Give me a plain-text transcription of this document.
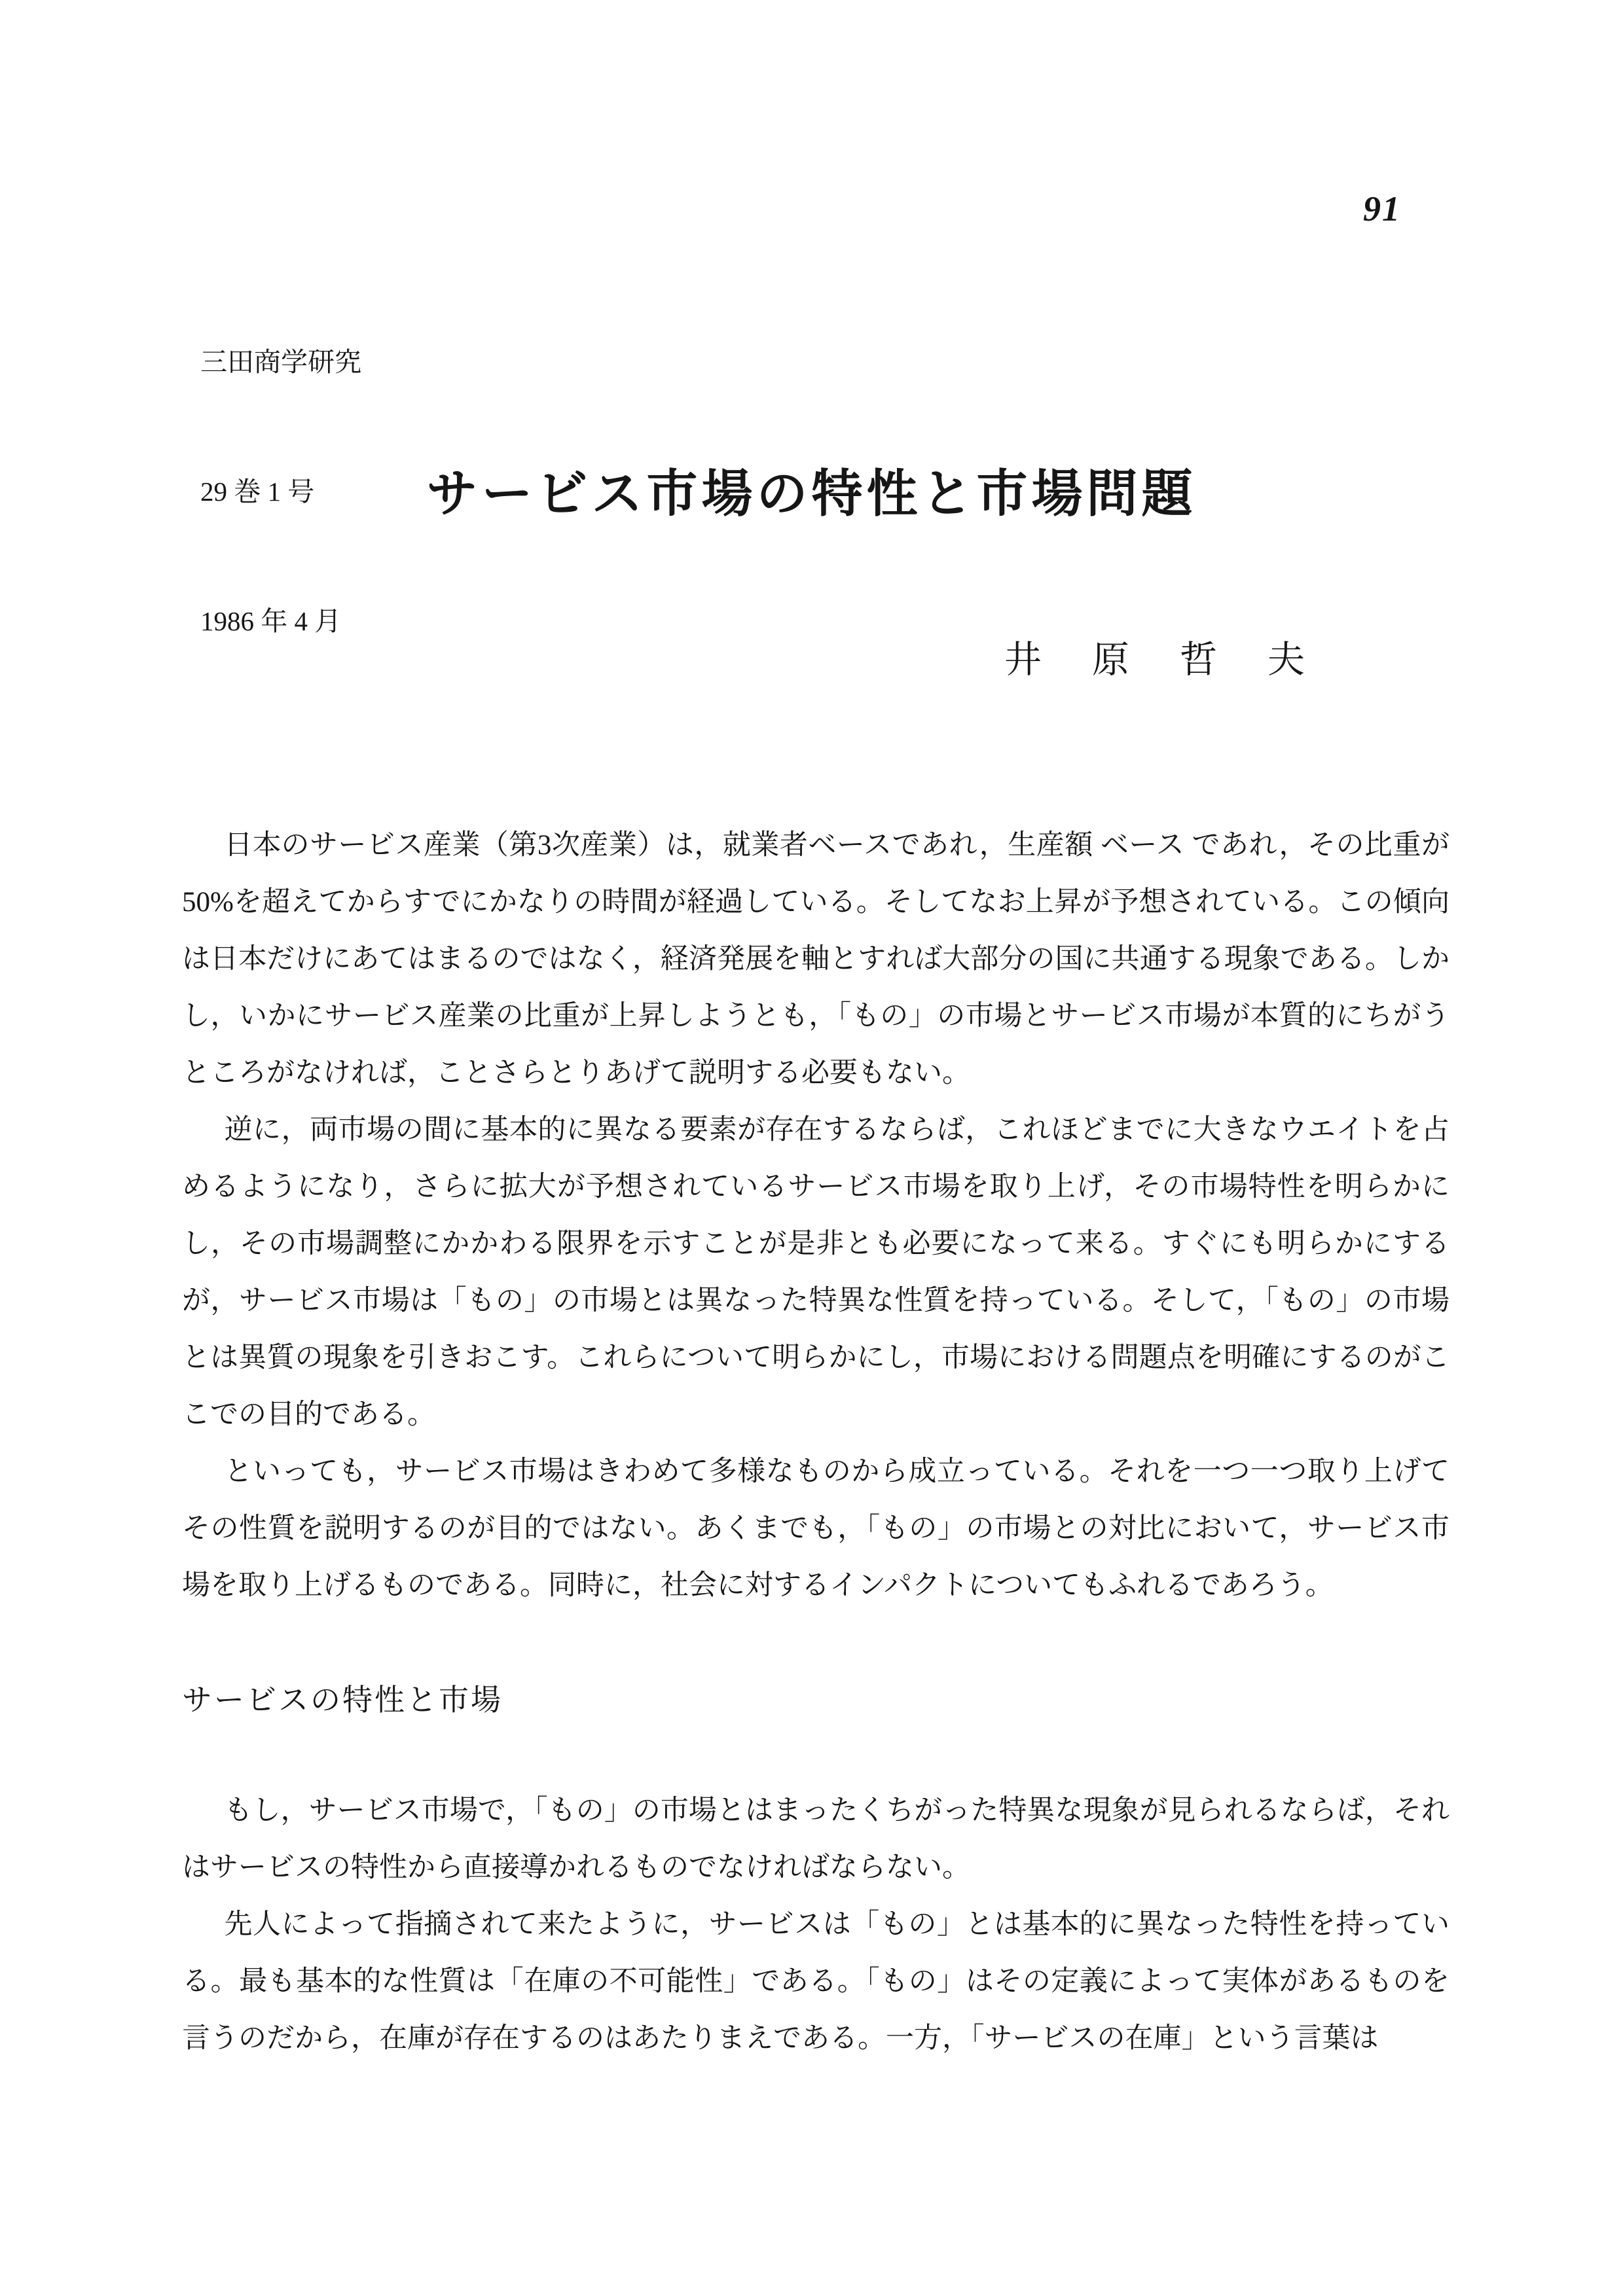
91

三田商学研究

29 巻 1 号

1986 年 4 月

サービス市場の特性と市場問題
井　原　哲　夫

日本のサービス産業（第3次産業）は，就業者ベースであれ，生産額 ベース であれ，その比重が50%を超えてからすでにかなりの時間が経過している。そしてなお上昇が予想されている。この傾向は日本だけにあてはまるのではなく，経済発展を軸とすれば大部分の国に共通する現象である。しかし，いかにサービス産業の比重が上昇しようとも，「もの」の市場とサービス市場が本質的にちがうところがなければ，ことさらとりあげて説明する必要もない。

逆に，両市場の間に基本的に異なる要素が存在するならば，これほどまでに大きなウエイトを占めるようになり，さらに拡大が予想されているサービス市場を取り上げ，その市場特性を明らかにし，その市場調整にかかわる限界を示すことが是非とも必要になって来る。すぐにも明らかにするが，サービス市場は「もの」の市場とは異なった特異な性質を持っている。そして，「もの」の市場とは異質の現象を引きおこす。これらについて明らかにし，市場における問題点を明確にするのがここでの目的である。

といっても，サービス市場はきわめて多様なものから成立っている。それを一つ一つ取り上げてその性質を説明するのが目的ではない。あくまでも，「もの」の市場との対比において，サービス市場を取り上げるものである。同時に，社会に対するインパクトについてもふれるであろう。

サービスの特性と市場

もし，サービス市場で，「もの」の市場とはまったくちがった特異な現象が見られるならば，それはサービスの特性から直接導かれるものでなければならない。

先人によって指摘されて来たように，サービスは「もの」とは基本的に異なった特性を持っている。最も基本的な性質は「在庫の不可能性」である。「もの」はその定義によって実体があるものを言うのだから，在庫が存在するのはあたりまえである。一方，「サービスの在庫」という言葉は
